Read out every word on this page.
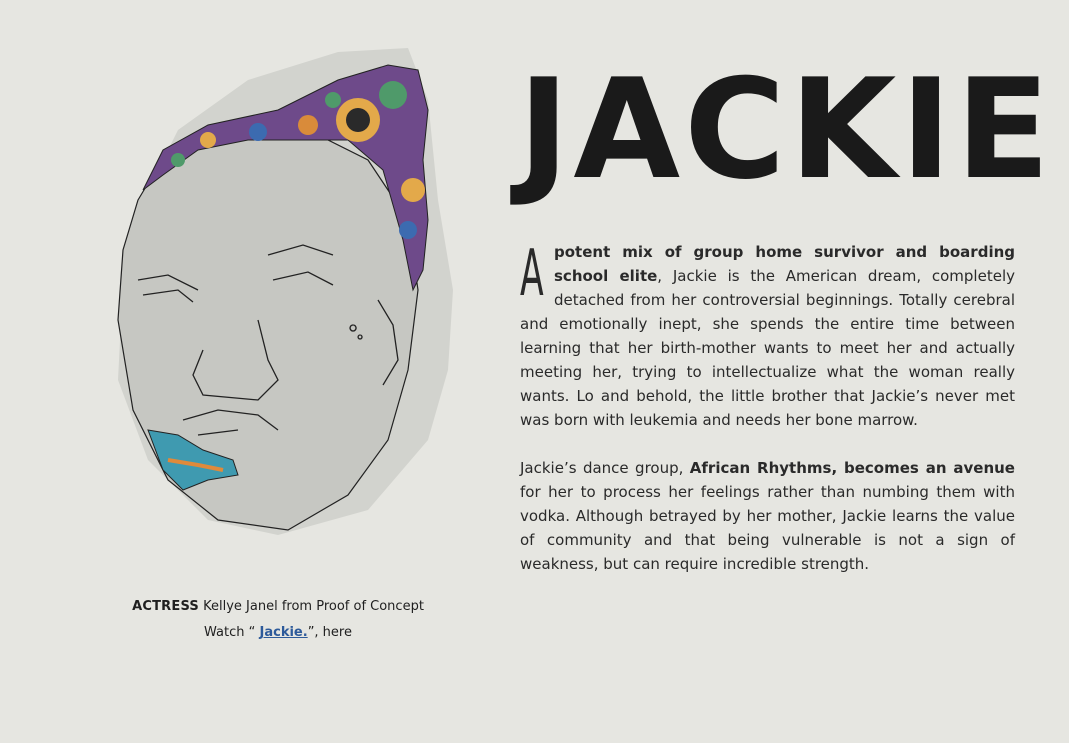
ACTRESS Kellye Janel from Proof of Concept
Watch “ Jackie.”, here
JACKIE

A potent mix of group home survivor and boarding school elite, Jackie is the American dream, completely detached from her controversial beginnings. Totally cerebral and emotionally inept, she spends the entire time between learning that her birth-mother wants to meet her and actually meeting her, trying to intellectualize what the woman really wants. Lo and behold, the little brother that Jackie’s never met was born with leukemia and needs her bone marrow.

Jackie’s dance group, African Rhythms, becomes an avenue for her to process her feelings rather than numbing them with vodka. Although betrayed by her mother, Jackie learns the value of community and that being vulnerable is not a sign of weakness, but can require incredible strength.
